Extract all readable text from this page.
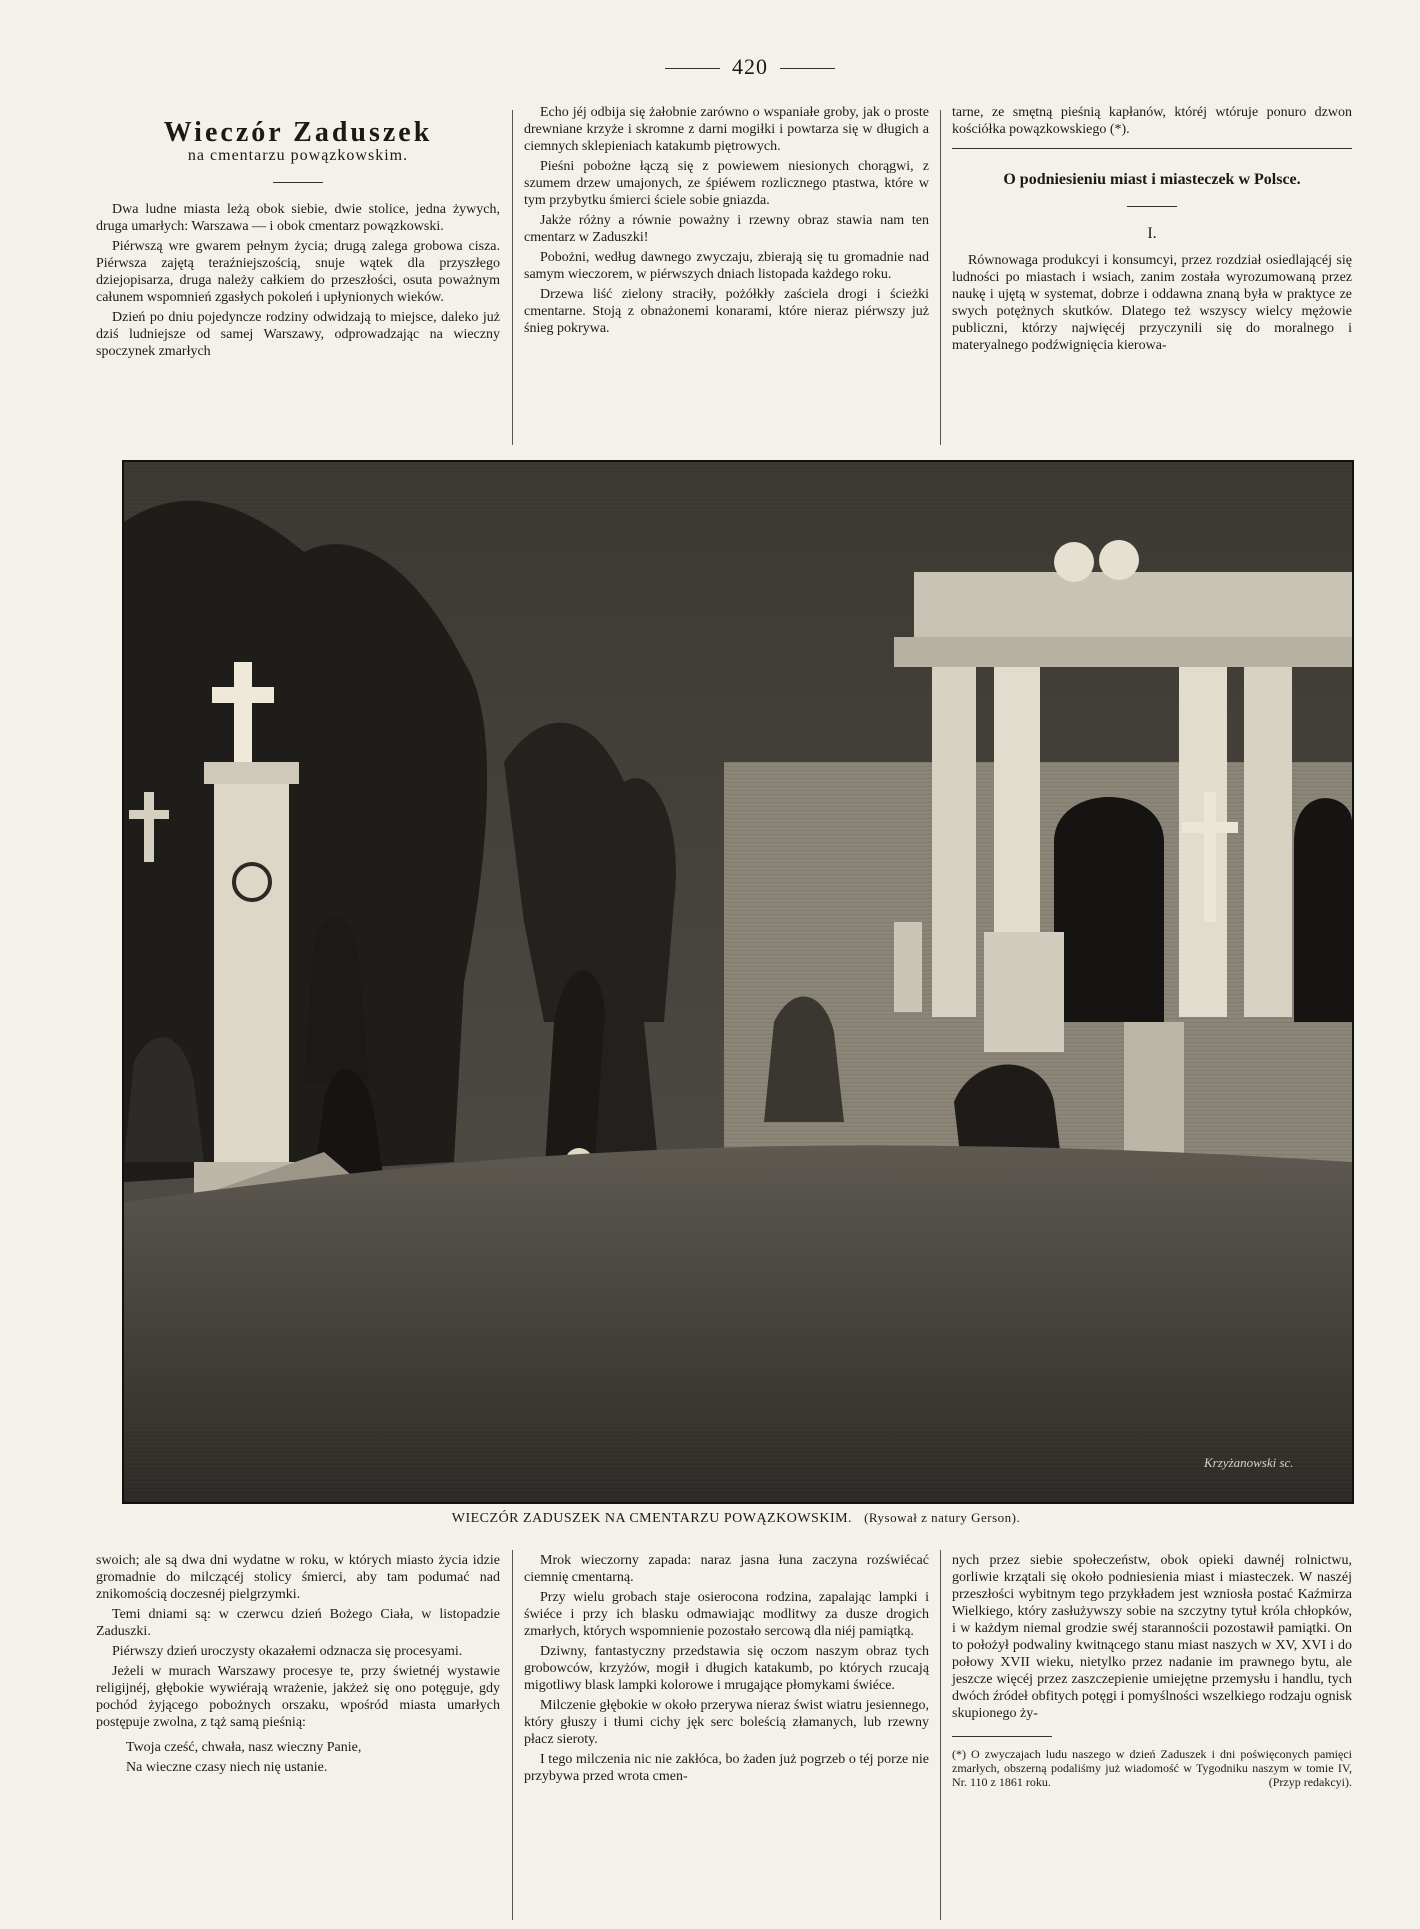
420
Wieczór Zaduszek
na cmentarzu powązkowskim.

Dwa ludne miasta leżą obok siebie, dwie stolice, jedna żywych, druga umarłych: Warszawa — i obok cmentarz powązkowski.

Piérwszą wre gwarem pełnym życia; drugą zalega grobowa cisza. Piérwsza zajętą teraźniejszością, snuje wątek dla przyszłego dziejopisarza, druga należy całkiem do przeszłości, osuta poważnym całunem wspomnień zgasłych pokoleń i upłynionych wieków.

Dzień po dniu pojedyncze rodziny odwidzają to miejsce, daleko już dziś ludniejsze od samej Warszawy, odprowadzając na wieczny spoczynek zmarłych

Echo jéj odbija się żałobnie zarówno o wspaniałe groby, jak o proste drewniane krzyże i skromne z darni mogiłki i powtarza się w długich a ciemnych sklepieniach katakumb piętrowych.

Pieśni pobożne łączą się z powiewem niesionych chorągwi, z szumem drzew umajonych, ze śpiéwem rozlicznego ptastwa, które w tym przybytku śmierci ściele sobie gniazda.

Jakże różny a równie poważny i rzewny obraz stawia nam ten cmentarz w Zaduszki!

Pobożni, według dawnego zwyczaju, zbierają się tu gromadnie nad samym wieczorem, w piérwszych dniach listopada każdego roku.

Drzewa liść zielony straciły, pożółkły zaściela drogi i ścieżki cmentarne. Stoją z obnażonemi konarami, które nieraz piérwszy już śnieg pokrywa.

tarne, ze smętną pieśnią kapłanów, któréj wtóruje ponuro dzwon kościółka powązkowskiego (*).

O podniesieniu miast i miasteczek w Polsce.
I.

Równowaga produkcyi i konsumcyi, przez rozdział osiedlającéj się ludności po miastach i wsiach, zanim została wyrozumowaną przez naukę i ujętą w systemat, dobrze i oddawna znaną była w praktyce ze swych potężnych skutków. Dlatego też wszyscy wielcy mężowie publiczni, którzy najwięcéj przyczynili się do moralnego i materyalnego podźwignięcia kierowa-

Krzyżanowski sc.
WIECZÓR ZADUSZEK NA CMENTARZU POWĄZKOWSKIM. (Rysował z natury Gerson).

swoich; ale są dwa dni wydatne w roku, w których miasto życia idzie gromadnie do milczącéj stolicy śmierci, aby tam podumać nad znikomością doczesnéj pielgrzymki.

Temi dniami są: w czerwcu dzień Bożego Ciała, w listopadzie Zaduszki.

Piérwszy dzień uroczysty okazałemi odznacza się procesyami.

Jeżeli w murach Warszawy procesye te, przy świetnéj wystawie religijnéj, głębokie wywiérają wrażenie, jakżeż się ono potęguje, gdy pochód żyjącego pobożnych orszaku, wpośród miasta umarłych postępuje zwolna, z tąż samą pieśnią:

Twoja cześć, chwała, nasz wieczny Panie,

Na wieczne czasy niech nię ustanie.

Mrok wieczorny zapada: naraz jasna łuna zaczyna rozświécać ciemnię cmentarną.

Przy wielu grobach staje osierocona rodzina, zapalając lampki i świéce i przy ich blasku odmawiając modlitwy za dusze drogich zmarłych, których wspomnienie pozostało sercową dla niéj pamiątką.

Dziwny, fantastyczny przedstawia się oczom naszym obraz tych grobowców, krzyżów, mogił i długich katakumb, po których rzucają migotliwy blask lampki kolorowe i mrugające płomykami świéce.

Milczenie głębokie w około przerywa nieraz świst wiatru jesiennego, który głuszy i tłumi cichy jęk serc boleścią złamanych, lub rzewny płacz sieroty.

I tego milczenia nic nie zakłóca, bo żaden już pogrzeb o téj porze nie przybywa przed wrota cmen-

nych przez siebie społeczeństw, obok opieki dawnéj rolnictwu, gorliwie krzątali się około podniesienia miast i miasteczek. W naszéj przeszłości wybitnym tego przykładem jest wzniosła postać Kaźmirza Wielkiego, który zasłużywszy sobie na szczytny tytuł króla chłopków, i w każdym niemal grodzie swéj starannościi pozostawił pamiątki. On to położył podwaliny kwitnącego stanu miast naszych w XV, XVI i do połowy XVII wieku, nietylko przez nadanie im prawnego bytu, ale jeszcze więcéj przez zaszczepienie umiejętne przemysłu i handlu, tych dwóch źródeł obfitych potęgi i pomyślności wszelkiego rodzaju ognisk skupionego ży-

(*) O zwyczajach ludu naszego w dzień Zaduszek i dni poświęconych pamięci zmarłych, obszerną podaliśmy już wiadomość w Tygodniku naszym w tomie IV, Nr. 110 z 1861 roku.	(Przyp redakcyi).
